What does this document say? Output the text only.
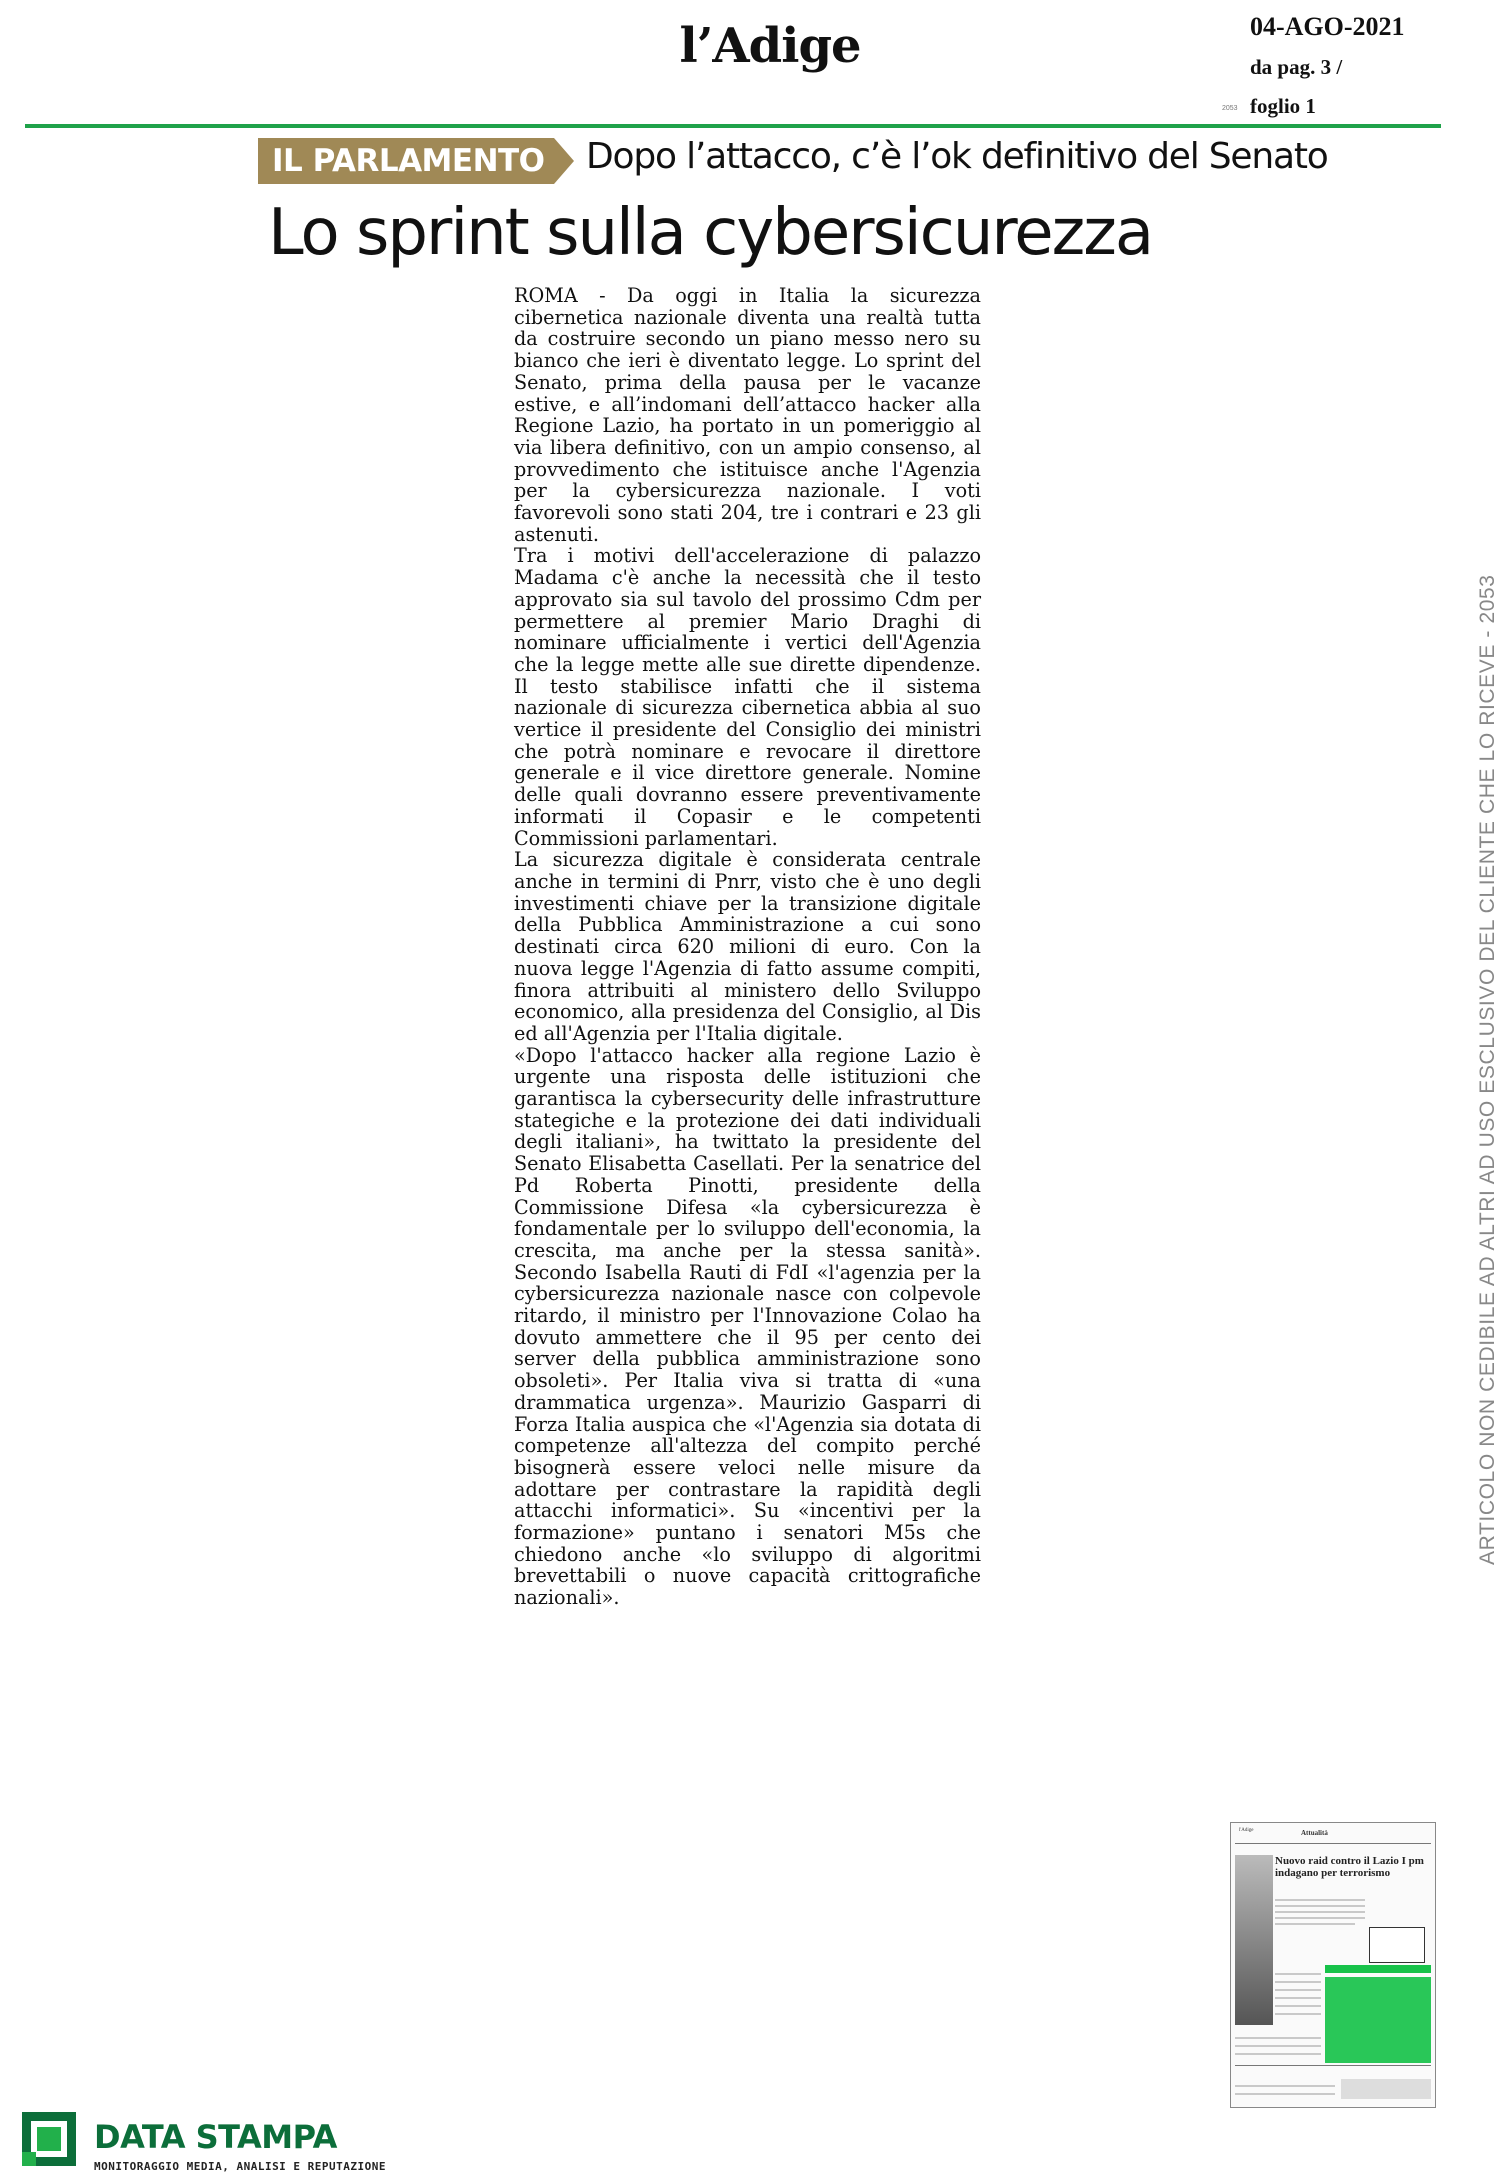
l’Adige	04-AGO-2021
da pag. 3 /
foglio 1
2053
IL PARLAMENTO Dopo l’attacco, c’è l’ok definitivo del Senato
Lo sprint sulla cybersicurezza

ROMA - Da oggi in Italia la sicurezza cibernetica nazionale diventa una realtà tutta da costruire secondo un piano messo nero su bianco che ieri è diventato legge. Lo sprint del Senato, prima della pausa per le vacanze estive, e all’indomani dell’attacco hacker alla Regione Lazio, ha portato in un pomeriggio al via libera definitivo, con un ampio consenso, al provvedimento che istituisce anche l'Agenzia per la cybersicurezza nazionale. I voti favorevoli sono stati 204, tre i contrari e 23 gli astenuti.

Tra i motivi dell'accelerazione di palazzo Madama c'è anche la necessità che il testo approvato sia sul tavolo del prossimo Cdm per permettere al premier Mario Draghi di nominare ufficialmente i vertici dell'Agenzia che la legge mette alle sue dirette dipendenze. Il testo stabilisce infatti che il sistema nazionale di sicurezza cibernetica abbia al suo vertice il presidente del Consiglio dei ministri che potrà nominare e revocare il direttore generale e il vice direttore generale. Nomine delle quali dovranno essere preventivamente informati il Copasir e le competenti Commissioni parlamentari.

La sicurezza digitale è considerata centrale anche in termini di Pnrr, visto che è uno degli investimenti chiave per la transizione digitale della Pubblica Amministrazione a cui sono destinati circa 620 milioni di euro. Con la nuova legge l'Agenzia di fatto assume compiti, finora attribuiti al ministero dello Sviluppo economico, alla presidenza del Consiglio, al Dis ed all'Agenzia per l'Italia digitale.

«Dopo l'attacco hacker alla regione Lazio è urgente una risposta delle istituzioni che garantisca la cybersecurity delle infrastrutture stategiche e la protezione dei dati individuali degli italiani», ha twittato la presidente del Senato Elisabetta Casellati. Per la senatrice del Pd Roberta Pinotti, presidente della Commissione Difesa «la cybersicurezza è fondamentale per lo sviluppo dell'economia, la crescita, ma anche per la stessa sanità». Secondo Isabella Rauti di FdI «l'agenzia per la cybersicurezza nazionale nasce con colpevole ritardo, il ministro per l'Innovazione Colao ha dovuto ammettere che il 95 per cento dei server della pubblica amministrazione sono obsoleti». Per Italia viva si tratta di «una drammatica urgenza». Maurizio Gasparri di Forza Italia auspica che «l'Agenzia sia dotata di competenze all'altezza del compito perché bisognerà essere veloci nelle misure da adottare per contrastare la rapidità degli attacchi informatici». Su «incentivi per la formazione» puntano i senatori M5s che chiedono anche «lo sviluppo di algoritmi brevettabili o nuove capacità crittografiche nazionali».

ARTICOLO NON CEDIBILE AD ALTRI AD USO ESCLUSIVO DEL CLIENTE CHE LO RICEVE - 2053
l'Adige	Attualità
Nuovo raid contro il Lazio I pm indagano per terrorismo
DATA STAMPA
MONITORAGGIO MEDIA, ANALISI E REPUTAZIONE
